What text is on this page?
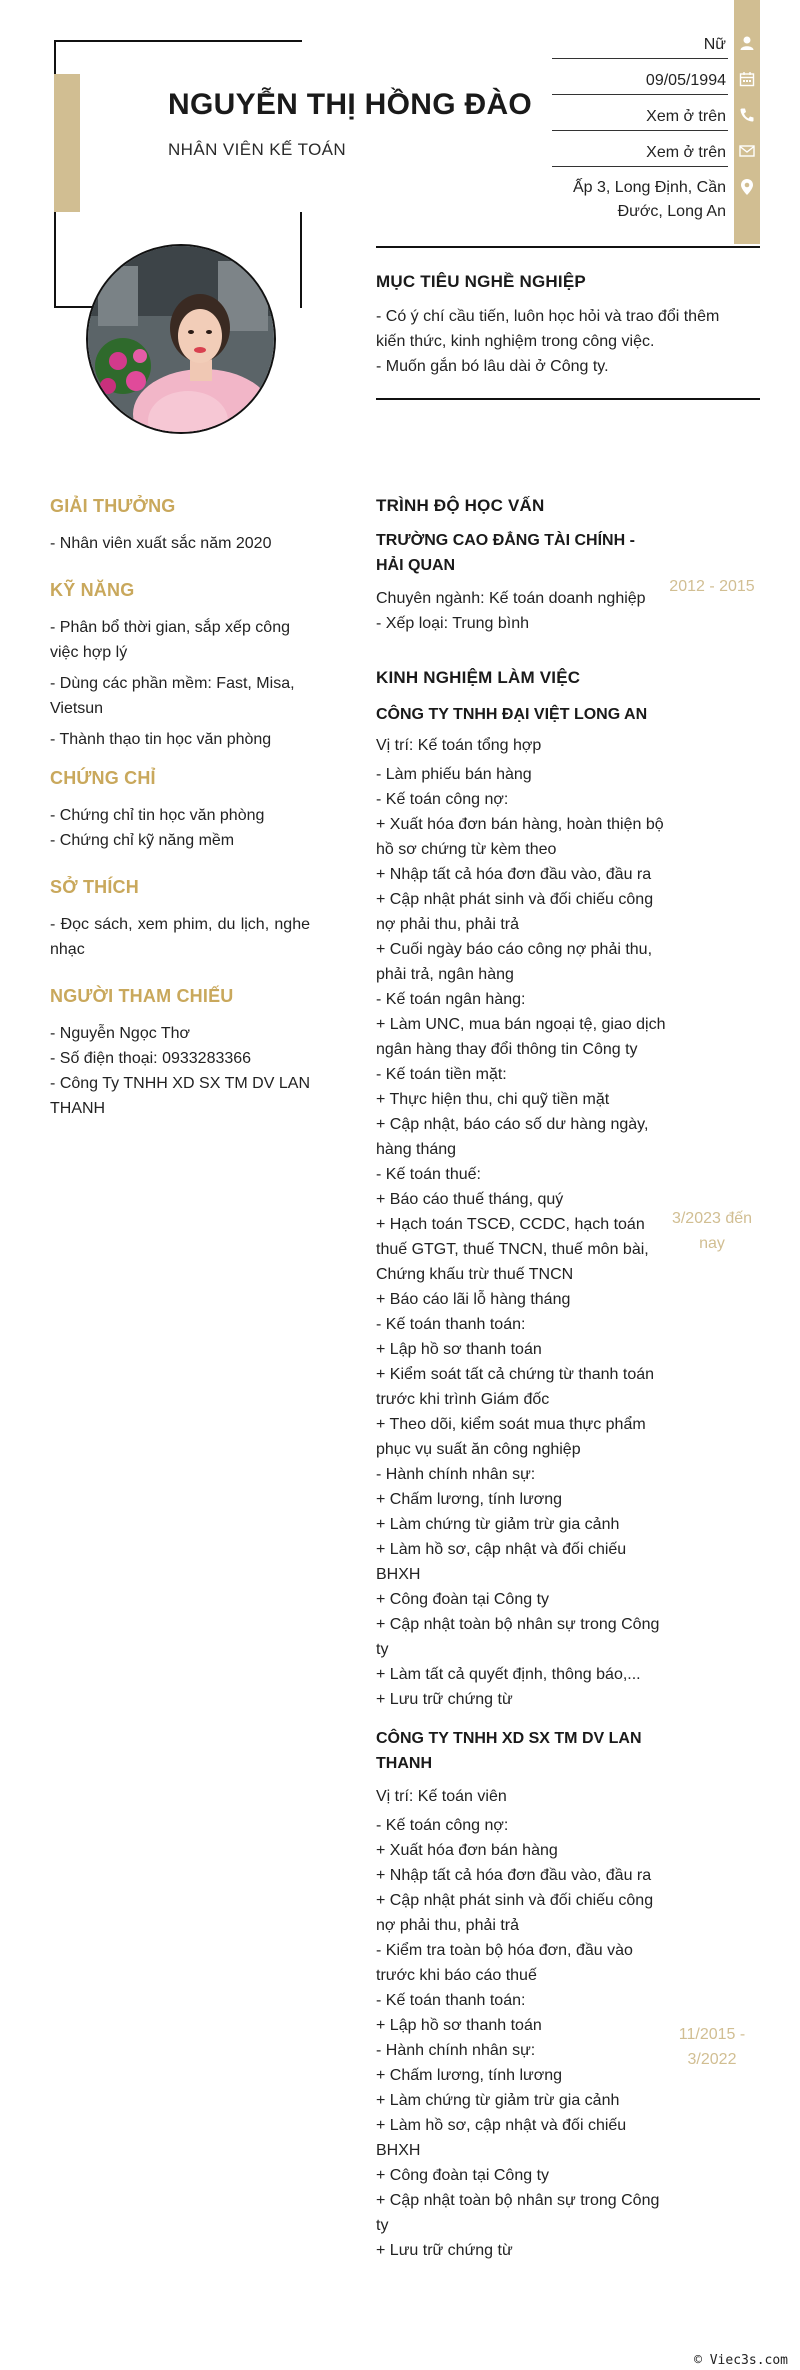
NGUYỄN THỊ HỒNG ĐÀO
NHÂN VIÊN KẾ TOÁN
Nữ
09/05/1994
Xem ở trên
Xem ở trên
Ấp 3, Long Định, Cần
Đước, Long An
MỤC TIÊU NGHỀ NGHIỆP
- Có ý chí cầu tiến, luôn học hỏi và trao đổi thêm
kiến thức, kinh nghiệm trong công việc.
- Muốn gắn bó lâu dài ở Công ty.
GIẢI THƯỞNG
- Nhân viên xuất sắc năm 2020
KỸ NĂNG
- Phân bổ thời gian, sắp xếp công việc hợp lý
- Dùng các phần mềm: Fast, Misa, Vietsun
- Thành thạo tin học văn phòng
CHỨNG CHỈ
- Chứng chỉ tin học văn phòng
- Chứng chỉ kỹ năng mềm
SỞ THÍCH
- Đọc sách, xem phim, du lịch, nghe nhạc
NGƯỜI THAM CHIẾU
- Nguyễn Ngọc Thơ
- Số điện thoại: 0933283366
- Công Ty TNHH XD SX TM DV LAN THANH
TRÌNH ĐỘ HỌC VẤN
TRƯỜNG CAO ĐẲNG TÀI CHÍNH - HẢI QUAN
Chuyên ngành: Kế toán doanh nghiệp
- Xếp loại: Trung bình
2012 - 2015
KINH NGHIỆM LÀM VIỆC
CÔNG TY TNHH ĐẠI VIỆT LONG AN
Vị trí: Kế toán tổng hợp
- Làm phiếu bán hàng
- Kế toán công nợ:
+ Xuất hóa đơn bán hàng, hoàn thiện bộ hồ sơ chứng từ kèm theo
+ Nhập tất cả hóa đơn đầu vào, đầu ra
+ Cập nhật phát sinh và đối chiếu công nợ phải thu, phải trả
+ Cuối ngày báo cáo công nợ phải thu, phải trả, ngân hàng
- Kế toán ngân hàng:
+ Làm UNC, mua bán ngoại tệ, giao dịch ngân hàng thay đổi thông tin Công ty
- Kế toán tiền mặt:
+ Thực hiện thu, chi quỹ tiền mặt
+ Cập nhật, báo cáo số dư hàng ngày, hàng tháng
- Kế toán thuế:
+ Báo cáo thuế tháng, quý
+ Hạch toán TSCĐ, CCDC, hạch toán thuế GTGT, thuế TNCN, thuế môn bài, Chứng khấu trừ thuế TNCN
+ Báo cáo lãi lỗ hàng tháng
- Kế toán thanh toán:
+ Lập hồ sơ thanh toán
+ Kiểm soát tất cả chứng từ thanh toán trước khi trình Giám đốc
+ Theo dõi, kiểm soát mua thực phẩm phục vụ suất ăn công nghiệp
- Hành chính nhân sự:
+ Chấm lương, tính lương
+ Làm chứng từ giảm trừ gia cảnh
+ Làm hồ sơ, cập nhật và đối chiếu BHXH
+ Công đoàn tại Công ty
+ Cập nhật toàn bộ nhân sự trong Công ty
+ Làm tất cả quyết định, thông báo,...
+ Lưu trữ chứng từ
CÔNG TY TNHH XD SX TM DV LAN THANH
Vị trí: Kế toán viên
- Kế toán công nợ:
+ Xuất hóa đơn bán hàng
+ Nhập tất cả hóa đơn đầu vào, đầu ra
+ Cập nhật phát sinh và đối chiếu công nợ phải thu, phải trả
- Kiểm tra toàn bộ hóa đơn, đầu vào trước khi báo cáo thuế
- Kế toán thanh toán:
+ Lập hồ sơ thanh toán
- Hành chính nhân sự:
+ Chấm lương, tính lương
+ Làm chứng từ giảm trừ gia cảnh
+ Làm hồ sơ, cập nhật và đối chiếu BHXH
+ Công đoàn tại Công ty
+ Cập nhật toàn bộ nhân sự trong Công ty
+ Lưu trữ chứng từ
3/2023 đến
nay
11/2015 -
3/2022
© Viec3s.com
